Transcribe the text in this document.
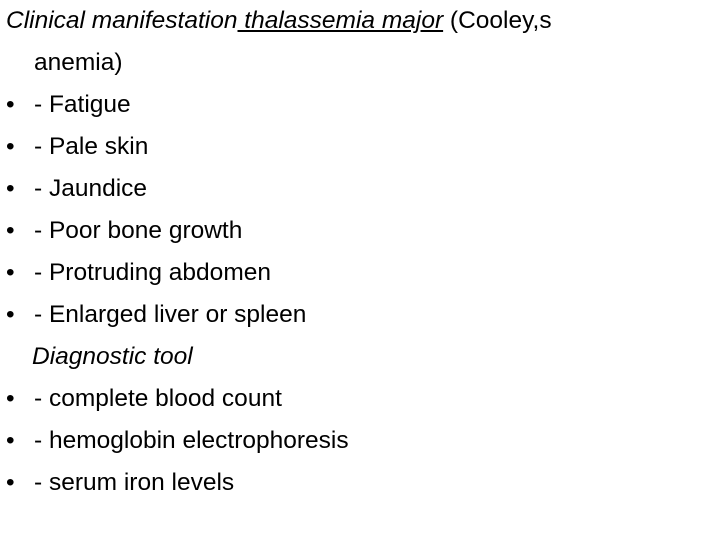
Clinical manifestation thalassemia major (Cooley,s
anemia)
• - Fatigue
• - Pale skin
• - Jaundice
• - Poor bone growth
• - Protruding abdomen
• - Enlarged liver or spleen
Diagnostic tool
• - complete blood count
• - hemoglobin electrophoresis
• - serum iron levels
